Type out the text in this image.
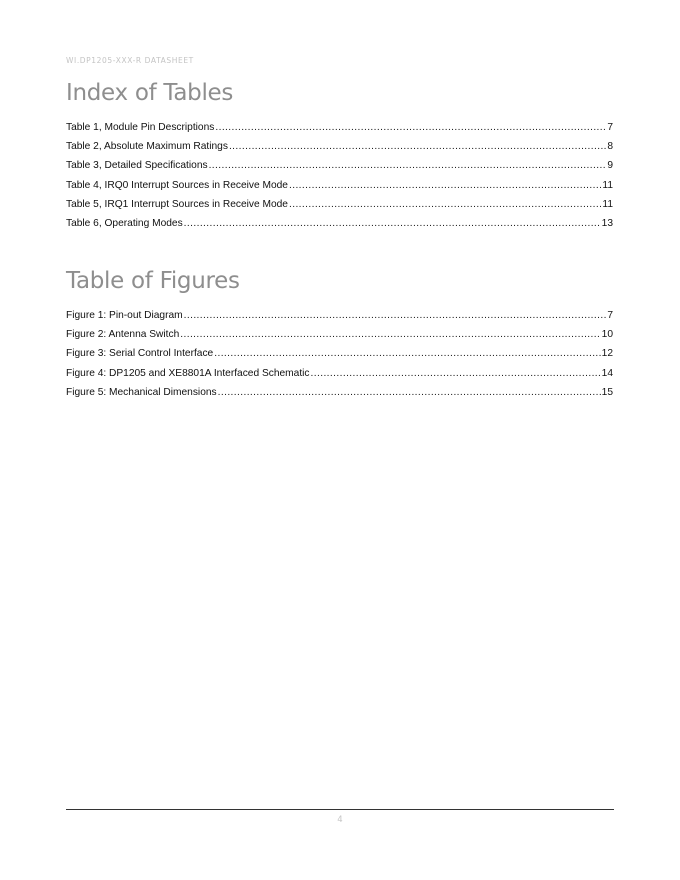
WI.DP1205-XXX-R DATASHEET
Index of Tables
Table 1, Module Pin Descriptions .....	7
Table 2, Absolute Maximum Ratings .....	8
Table 3, Detailed Specifications .....	9
Table 4, IRQ0 Interrupt Sources in Receive Mode .....	11
Table 5, IRQ1 Interrupt Sources in Receive Mode .....	11
Table 6, Operating Modes .....	13
Table of Figures
Figure 1: Pin-out Diagram .....	7
Figure 2: Antenna Switch .....	10
Figure 3: Serial Control Interface .....	12
Figure 4: DP1205 and XE8801A Interfaced Schematic .....	14
Figure 5: Mechanical Dimensions .....	15
4
